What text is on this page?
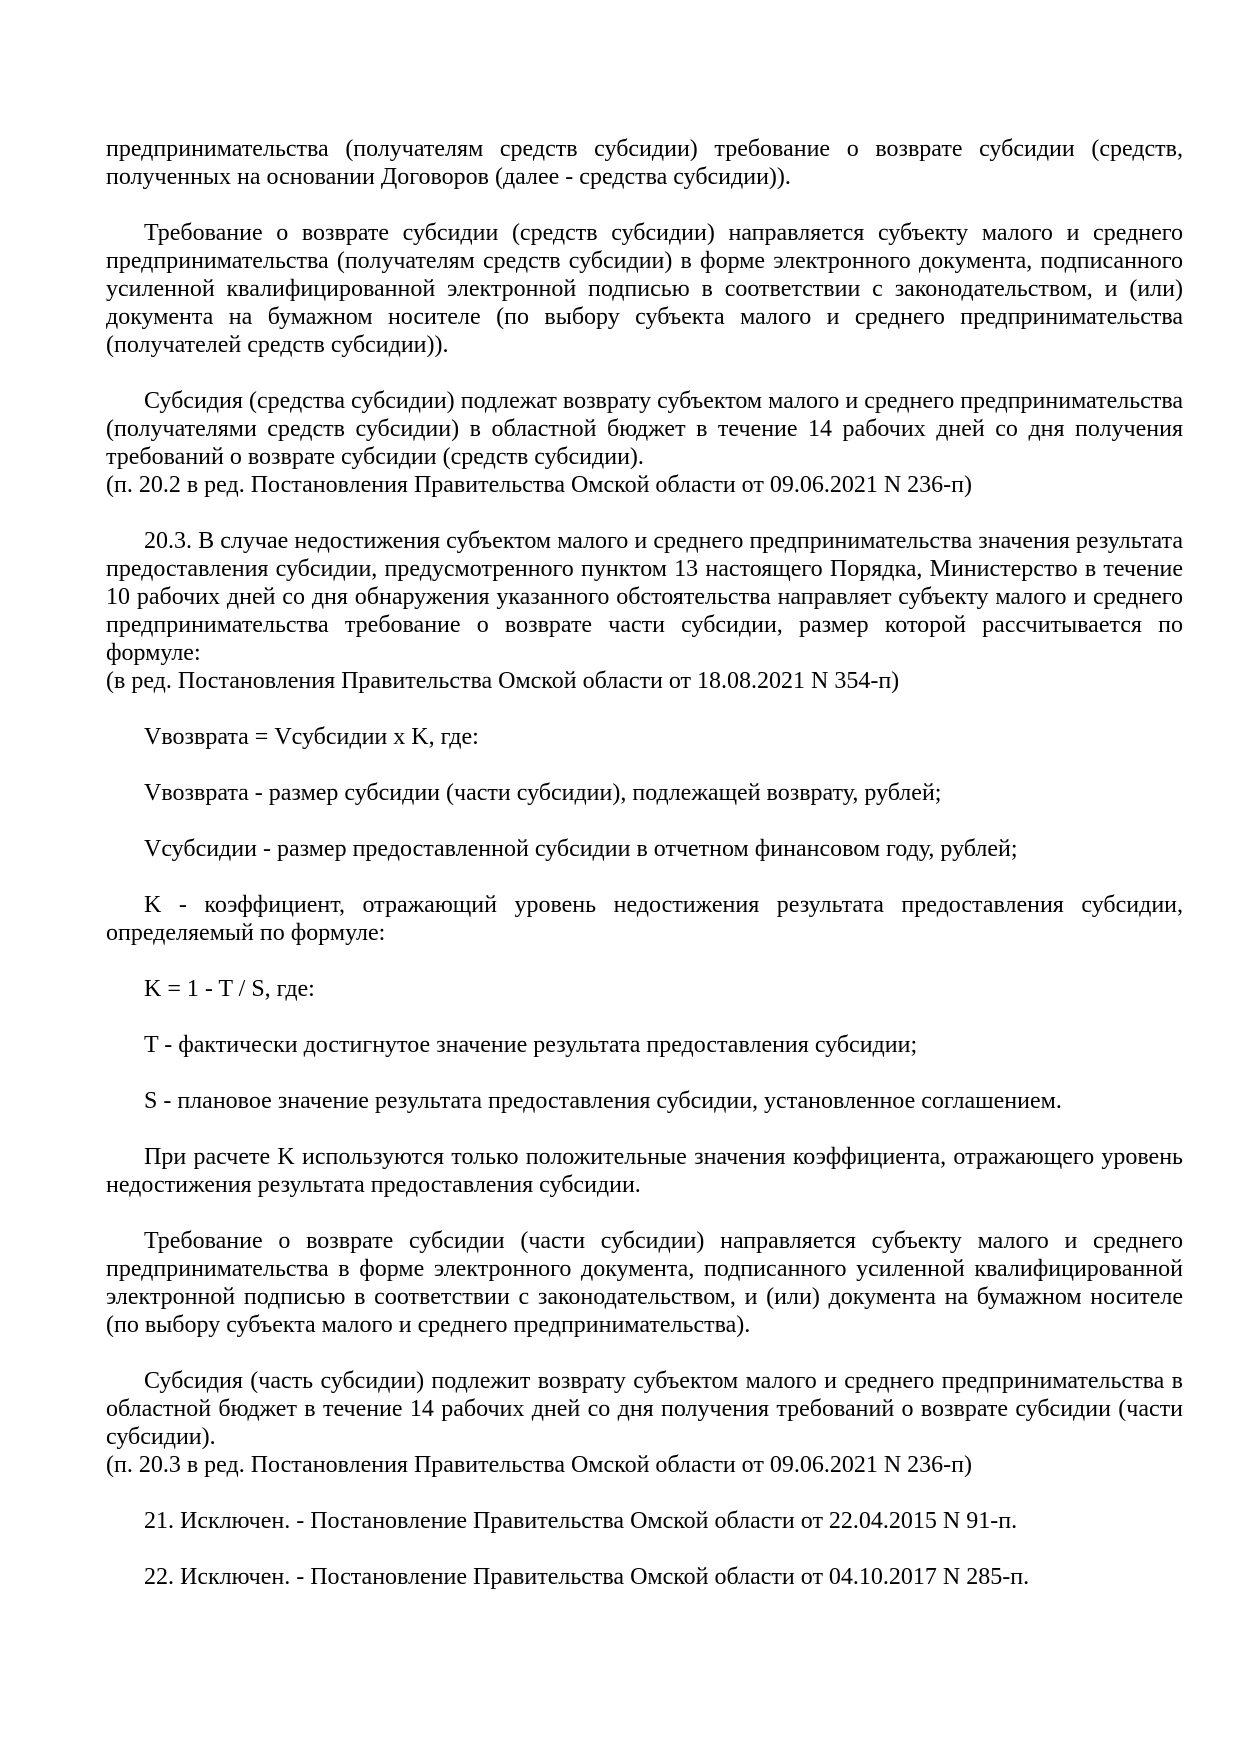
предпринимательства (получателям средств субсидии) требование о возврате субсидии (средств, полученных на основании Договоров (далее - средства субсидии)).

Требование о возврате субсидии (средств субсидии) направляется субъекту малого и среднего предпринимательства (получателям средств субсидии) в форме электронного документа, подписанного усиленной квалифицированной электронной подписью в соответствии с законодательством, и (или) документа на бумажном носителе (по выбору субъекта малого и среднего предпринимательства (получателей средств субсидии)).

Субсидия (средства субсидии) подлежат возврату субъектом малого и среднего предпринимательства (получателями средств субсидии) в областной бюджет в течение 14 рабочих дней со дня получения требований о возврате субсидии (средств субсидии).

(п. 20.2 в ред. Постановления Правительства Омской области от 09.06.2021 N 236-п)

20.3. В случае недостижения субъектом малого и среднего предпринимательства значения результата предоставления субсидии, предусмотренного пунктом 13 настоящего Порядка, Министерство в течение 10 рабочих дней со дня обнаружения указанного обстоятельства направляет субъекту малого и среднего предпринимательства требование о возврате части субсидии, размер которой рассчитывается по формуле:

(в ред. Постановления Правительства Омской области от 18.08.2021 N 354-п)

Vвозврата = Vсубсидии x K, где:

Vвозврата - размер субсидии (части субсидии), подлежащей возврату, рублей;

Vсубсидии - размер предоставленной субсидии в отчетном финансовом году, рублей;

K - коэффициент, отражающий уровень недостижения результата предоставления субсидии, определяемый по формуле:

K = 1 - T / S, где:

T - фактически достигнутое значение результата предоставления субсидии;

S - плановое значение результата предоставления субсидии, установленное соглашением.

При расчете K используются только положительные значения коэффициента, отражающего уровень недостижения результата предоставления субсидии.

Требование о возврате субсидии (части субсидии) направляется субъекту малого и среднего предпринимательства в форме электронного документа, подписанного усиленной квалифицированной электронной подписью в соответствии с законодательством, и (или) документа на бумажном носителе (по выбору субъекта малого и среднего предпринимательства).

Субсидия (часть субсидии) подлежит возврату субъектом малого и среднего предпринимательства в областной бюджет в течение 14 рабочих дней со дня получения требований о возврате субсидии (части субсидии).

(п. 20.3 в ред. Постановления Правительства Омской области от 09.06.2021 N 236-п)

21. Исключен. - Постановление Правительства Омской области от 22.04.2015 N 91-п.

22. Исключен. - Постановление Правительства Омской области от 04.10.2017 N 285-п.
